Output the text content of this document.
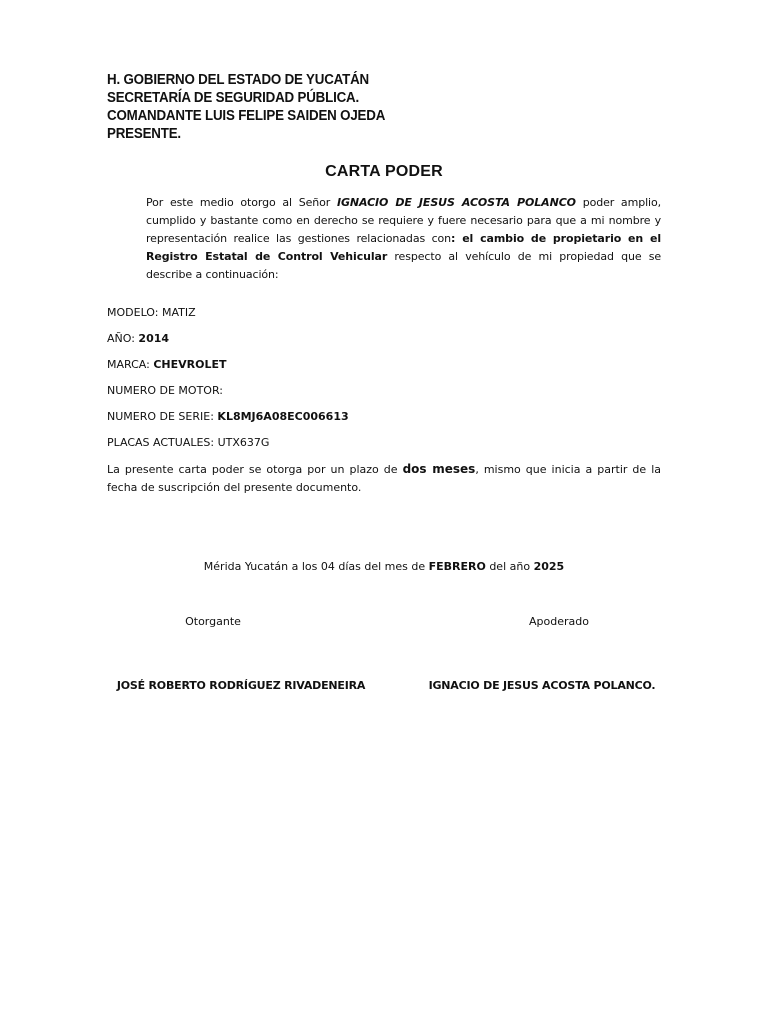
H. GOBIERNO DEL ESTADO DE YUCATÁN
SECRETARÍA DE SEGURIDAD PÚBLICA.
COMANDANTE LUIS FELIPE SAIDEN OJEDA
PRESENTE.
CARTA PODER
Por este medio otorgo al Señor IGNACIO DE JESUS ACOSTA POLANCO poder amplio, cumplido y bastante como en derecho se requiere y fuere necesario para que a mi nombre y representación realice las gestiones relacionadas con: el cambio de propietario en el Registro Estatal de Control Vehicular respecto al vehículo de mi propiedad que se describe a continuación:
MODELO: MATIZ
AÑO: 2014
MARCA: CHEVROLET
NUMERO DE MOTOR:
NUMERO DE SERIE: KL8MJ6A08EC006613
PLACAS ACTUALES: UTX637G
La presente carta poder se otorga por un plazo de dos meses, mismo que inicia a partir de la fecha de suscripción del presente documento.
Mérida Yucatán a los 04 días del mes de FEBRERO del año 2025
Otorgante	Apoderado
JOSÉ ROBERTO RODRÍGUEZ RIVADENEIRA	IGNACIO DE JESUS ACOSTA POLANCO.
